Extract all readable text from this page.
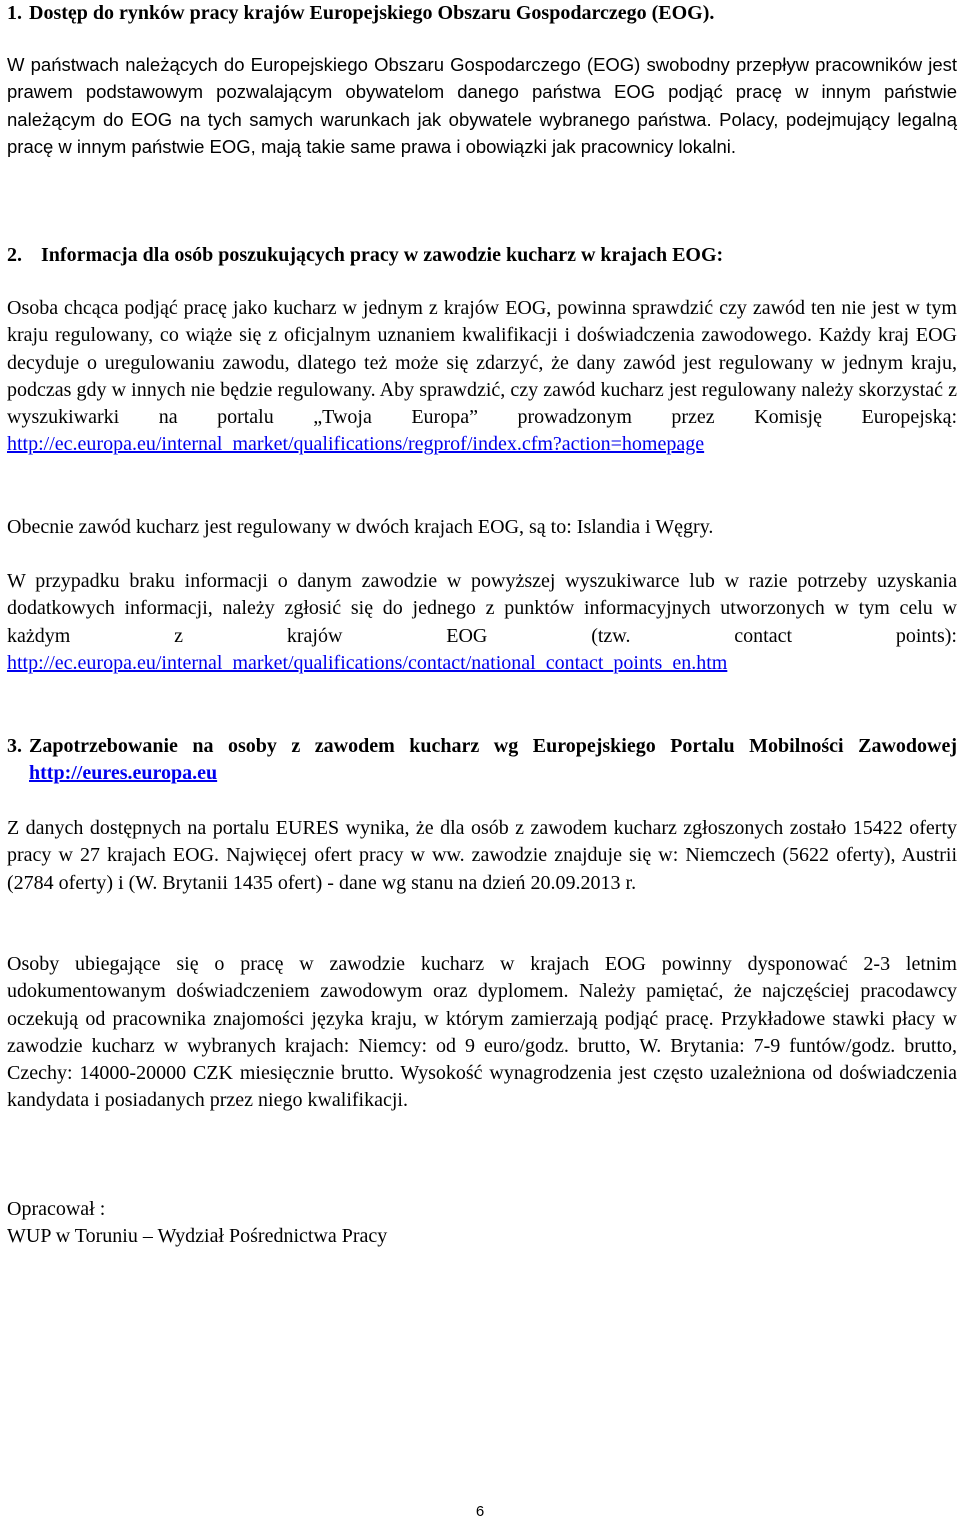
1. Dostęp do rynków pracy krajów Europejskiego Obszaru Gospodarczego (EOG).

W państwach należących do Europejskiego Obszaru Gospodarczego (EOG) swobodny przepływ pracowników jest prawem podstawowym pozwalającym obywatelom danego państwa EOG podjąć pracę w innym państwie należącym do EOG na tych samych warunkach jak obywatele wybranego państwa. Polacy, podejmujący legalną pracę w innym państwie EOG, mają takie same prawa i obowiązki jak pracownicy lokalni.

2. Informacja dla osób poszukujących pracy w zawodzie kucharz w krajach EOG:

Osoba chcąca podjąć pracę jako kucharz w jednym z krajów EOG, powinna sprawdzić czy zawód ten nie jest w tym kraju regulowany, co wiąże się z oficjalnym uznaniem kwalifikacji i doświadczenia zawodowego. Każdy kraj EOG decyduje o uregulowaniu zawodu, dlatego też może się zdarzyć, że dany zawód jest regulowany w jednym kraju, podczas gdy w innych nie będzie regulowany. Aby sprawdzić, czy zawód kucharz jest regulowany należy skorzystać z wyszukiwarki na portalu „Twoja Europa” prowadzonym przez Komisję Europejską: http://ec.europa.eu/internal_market/qualifications/regprof/index.cfm?action=homepage

Obecnie zawód kucharz jest regulowany w dwóch krajach EOG, są to: Islandia i Węgry.

W przypadku braku informacji o danym zawodzie w powyższej wyszukiwarce lub w razie potrzeby uzyskania dodatkowych informacji, należy zgłosić się do jednego z punktów informacyjnych utworzonych w tym celu w każdym z krajów EOG (tzw. contact points): http://ec.europa.eu/internal_market/qualifications/contact/national_contact_points_en.htm

3. Zapotrzebowanie na osoby z zawodem kucharz wg Europejskiego Portalu Mobilności Zawodowej http://eures.europa.eu

Z danych dostępnych na portalu EURES wynika, że dla osób z zawodem kucharz zgłoszonych zostało 15422 oferty pracy w 27 krajach EOG. Najwięcej ofert pracy w ww. zawodzie znajduje się w: Niemczech (5622 oferty), Austrii (2784 oferty) i (W. Brytanii 1435 ofert) - dane wg stanu na dzień 20.09.2013 r.

Osoby ubiegające się o pracę w zawodzie kucharz w krajach EOG powinny dysponować 2-3 letnim udokumentowanym doświadczeniem zawodowym oraz dyplomem. Należy pamiętać, że najczęściej pracodawcy oczekują od pracownika znajomości języka kraju, w którym zamierzają podjąć pracę. Przykładowe stawki płacy w zawodzie kucharz w wybranych krajach: Niemcy: od 9 euro/godz. brutto, W. Brytania: 7-9 funtów/godz. brutto, Czechy: 14000-20000 CZK miesięcznie brutto. Wysokość wynagrodzenia jest często uzależniona od doświadczenia kandydata i posiadanych przez niego kwalifikacji.

Opracował :

WUP w Toruniu – Wydział Pośrednictwa Pracy

6
